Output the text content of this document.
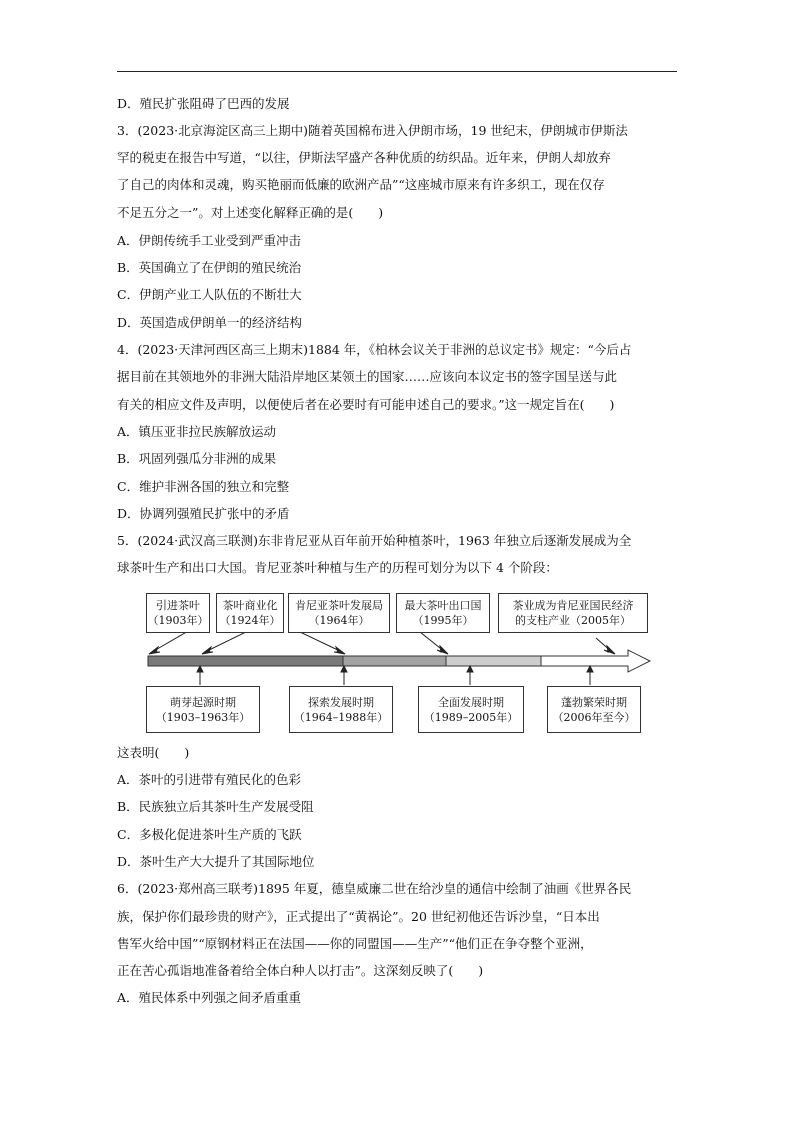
D．殖民扩张阻碍了巴西的发展
3．(2023·北京海淀区高三上期中)随着英国棉布进入伊朗市场，19 世纪末，伊朗城市伊斯法
罕的税吏在报告中写道，“以往，伊斯法罕盛产各种优质的纺织品。近年来，伊朗人却放弃
了自己的肉体和灵魂，购买艳丽而低廉的欧洲产品”“这座城市原来有许多织工，现在仅存
不足五分之一”。对上述变化解释正确的是(　　)
A．伊朗传统手工业受到严重冲击
B．英国确立了在伊朗的殖民统治
C．伊朗产业工人队伍的不断壮大
D．英国造成伊朗单一的经济结构
4．(2023·天津河西区高三上期末)1884 年，《柏林会议关于非洲的总议定书》规定：“今后占
据目前在其领地外的非洲大陆沿岸地区某领土的国家……应该向本议定书的签字国呈送与此
有关的相应文件及声明，以便使后者在必要时有可能申述自己的要求。”这一规定旨在(　　)
A．镇压亚非拉民族解放运动
B．巩固列强瓜分非洲的成果
C．维护非洲各国的独立和完整
D．协调列强殖民扩张中的矛盾
5．(2024·武汉高三联测)东非肯尼亚从百年前开始种植茶叶，1963 年独立后逐渐发展成为全
球茶叶生产和出口大国。肯尼亚茶叶种植与生产的历程可划分为以下 4 个阶段：
引进茶叶
（1903年）
茶叶商业化
（1924年）
肯尼亚茶叶发展局
（1964年）
最大茶叶出口国
（1995年）
茶业成为肯尼亚国民经济
的支柱产业（2005年）
萌芽起源时期
（1903–1963年）
探索发展时期
（1964–1988年）
全面发展时期
（1989–2005年）
蓬勃繁荣时期
（2006年至今）
这表明(　　)
A．茶叶的引进带有殖民化的色彩
B．民族独立后其茶叶生产发展受阻
C．多极化促进茶叶生产质的飞跃
D．茶叶生产大大提升了其国际地位
6．(2023·郑州高三联考)1895 年夏，德皇威廉二世在给沙皇的通信中绘制了油画《世界各民
族，保护你们最珍贵的财产》，正式提出了“黄祸论”。20 世纪初他还告诉沙皇，“日本出
售军火给中国”“原钢材料正在法国——你的同盟国——生产”“他们正在争夺整个亚洲，
正在苦心孤诣地准备着给全体白种人以打击”。这深刻反映了(　　)
A．殖民体系中列强之间矛盾重重
